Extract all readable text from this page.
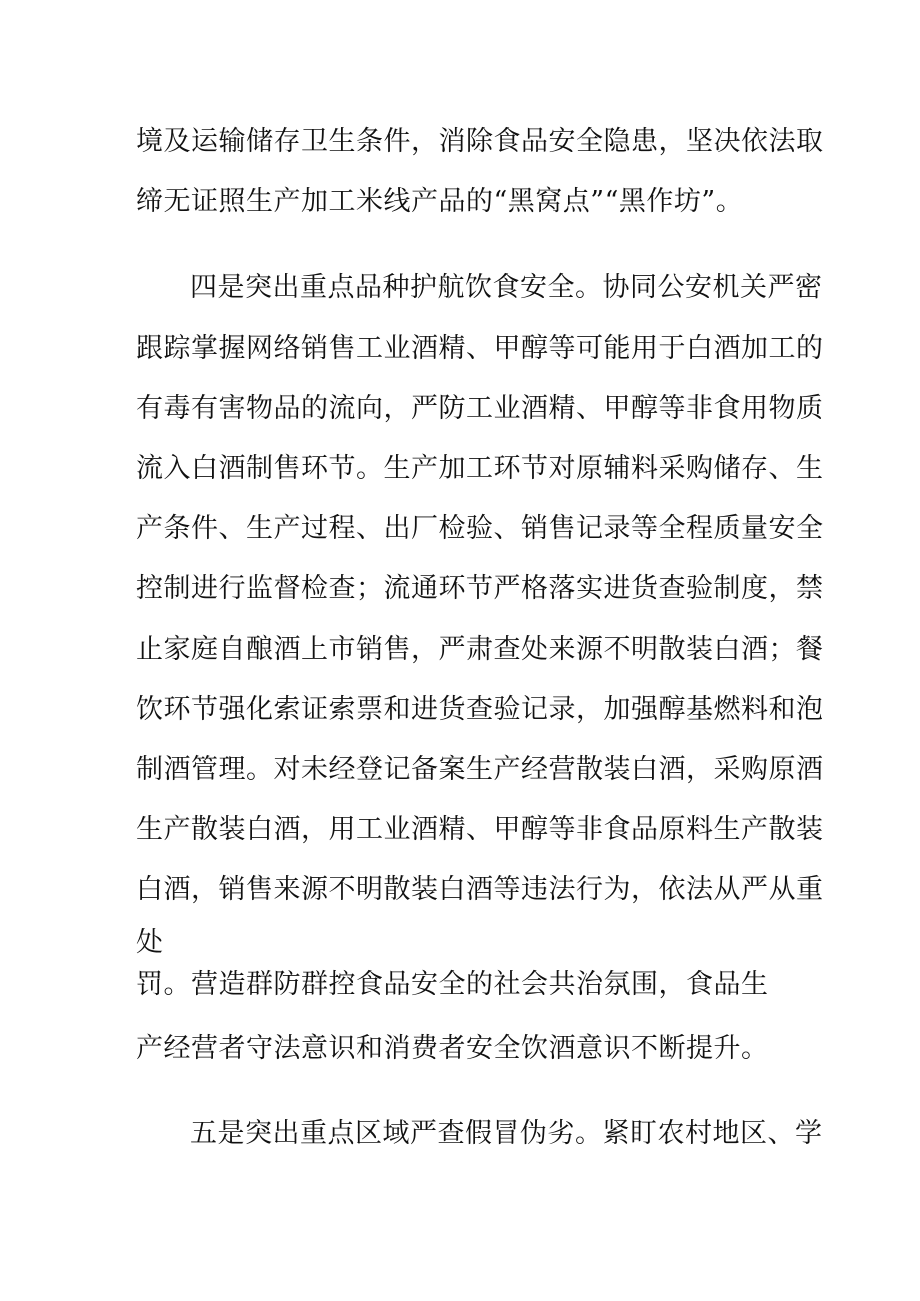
境及运输储存卫生条件，消除食品安全隐患，坚决依法取
缔无证照生产加工米线产品的“黑窝点”“黑作坊”。
四是突出重点品种护航饮食安全。协同公安机关严密
跟踪掌握网络销售工业酒精、甲醇等可能用于白酒加工的
有毒有害物品的流向，严防工业酒精、甲醇等非食用物质
流入白酒制售环节。生产加工环节对原辅料采购储存、生
产条件、生产过程、出厂检验、销售记录等全程质量安全
控制进行监督检查；流通环节严格落实进货查验制度，禁
止家庭自酿酒上市销售，严肃查处来源不明散装白酒；餐
饮环节强化索证索票和进货查验记录，加强醇基燃料和泡
制酒管理。对未经登记备案生产经营散装白酒，采购原酒
生产散装白酒，用工业酒精、甲醇等非食品原料生产散装
白酒，销售来源不明散装白酒等违法行为，依法从严从重
处
罚。营造群防群控食品安全的社会共治氛围，食品生
产经营者守法意识和消费者安全饮酒意识不断提升。
五是突出重点区域严查假冒伪劣。紧盯农村地区、学
